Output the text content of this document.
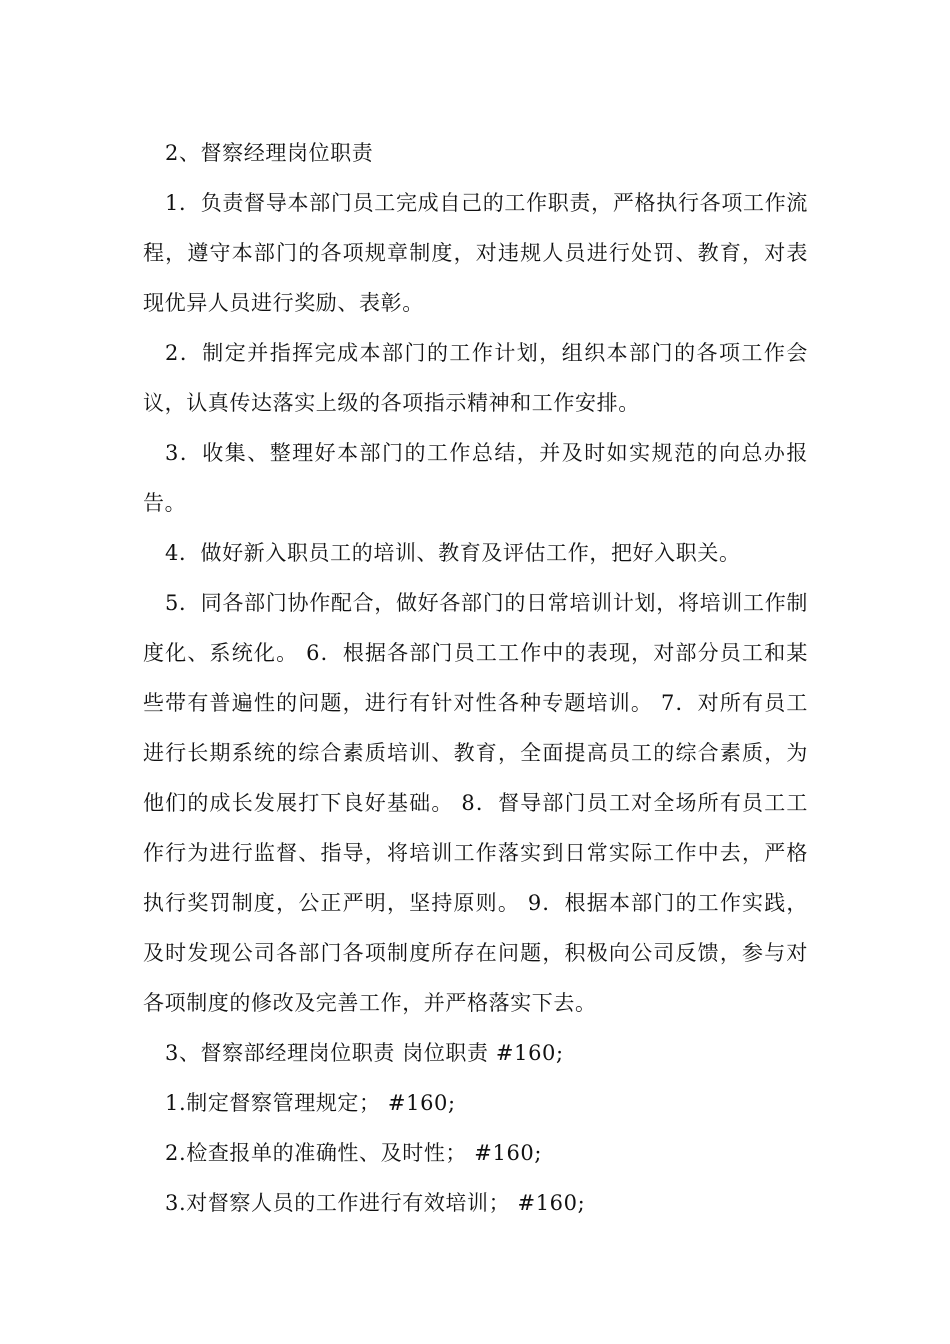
2、督察经理岗位职责

1．负责督导本部门员工完成自己的工作职责，严格执行各项工作流程，遵守本部门的各项规章制度，对违规人员进行处罚、教育，对表现优异人员进行奖励、表彰。

2．制定并指挥完成本部门的工作计划，组织本部门的各项工作会议，认真传达落实上级的各项指示精神和工作安排。

3．收集、整理好本部门的工作总结，并及时如实规范的向总办报告。

4．做好新入职员工的培训、教育及评估工作，把好入职关。

5．同各部门协作配合，做好各部门的日常培训计划，将培训工作制度化、系统化。 6．根据各部门员工工作中的表现，对部分员工和某些带有普遍性的问题，进行有针对性各种专题培训。 7．对所有员工进行长期系统的综合素质培训、教育，全面提高员工的综合素质，为他们的成长发展打下良好基础。 8．督导部门员工对全场所有员工工作行为进行监督、指导，将培训工作落实到日常实际工作中去，严格执行奖罚制度，公正严明，坚持原则。 9．根据本部门的工作实践，及时发现公司各部门各项制度所存在问题，积极向公司反馈，参与对各项制度的修改及完善工作，并严格落实下去。

3、督察部经理岗位职责 岗位职责 #160;

1.制定督察管理规定； #160;

2.检查报单的准确性、及时性； #160;

3.对督察人员的工作进行有效培训； #160;
